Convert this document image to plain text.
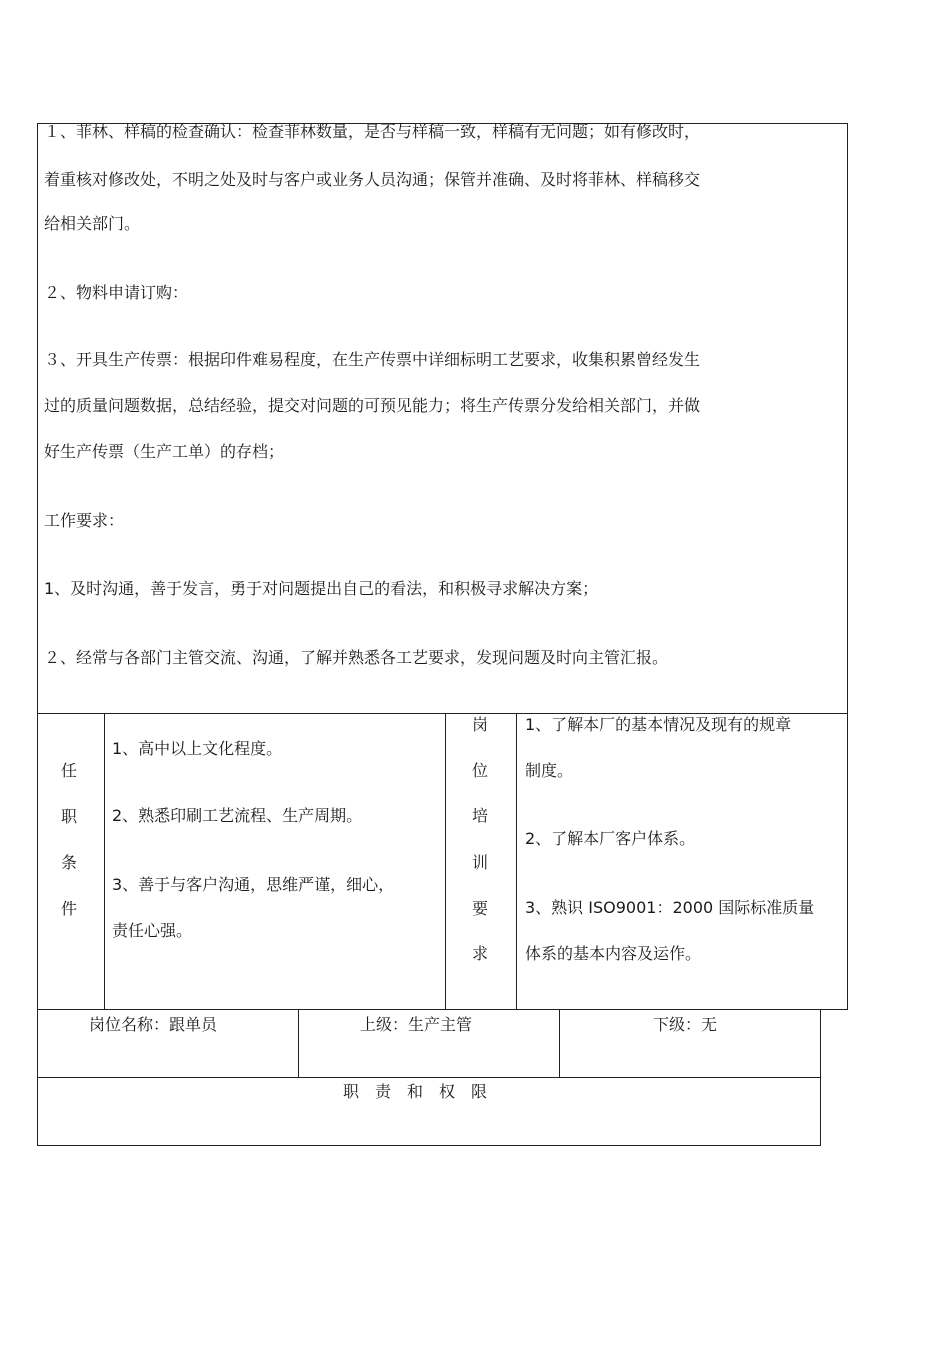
１、菲林、样稿的检查确认：检查菲林数量，是否与样稿一致，样稿有无问题；如有修改时，
着重核对修改处，不明之处及时与客户或业务人员沟通；保管并准确、及时将菲林、样稿移交
给相关部门。
２、物料申请订购：
３、开具生产传票：根据印件难易程度，在生产传票中详细标明工艺要求，收集积累曾经发生
过的质量问题数据，总结经验，提交对问题的可预见能力；将生产传票分发给相关部门，并做
好生产传票（生产工单）的存档；
工作要求：
1、及时沟通，善于发言，勇于对问题提出自己的看法，和积极寻求解决方案；
２、经常与各部门主管交流、沟通，了解并熟悉各工艺要求，发现问题及时向主管汇报。
任
职
条
件
1、高中以上文化程度。
2、熟悉印刷工艺流程、生产周期。
3、善于与客户沟通，思维严谨，细心，
责任心强。
岗
位
培
训
要
求
1、了解本厂的基本情况及现有的规章
制度。
2、了解本厂客户体系。
3、熟识 ISO9001：2000 国际标准质量
体系的基本内容及运作。
岗位名称：跟单员	上级：生产主管	下级：无
职　责　和　权　限
